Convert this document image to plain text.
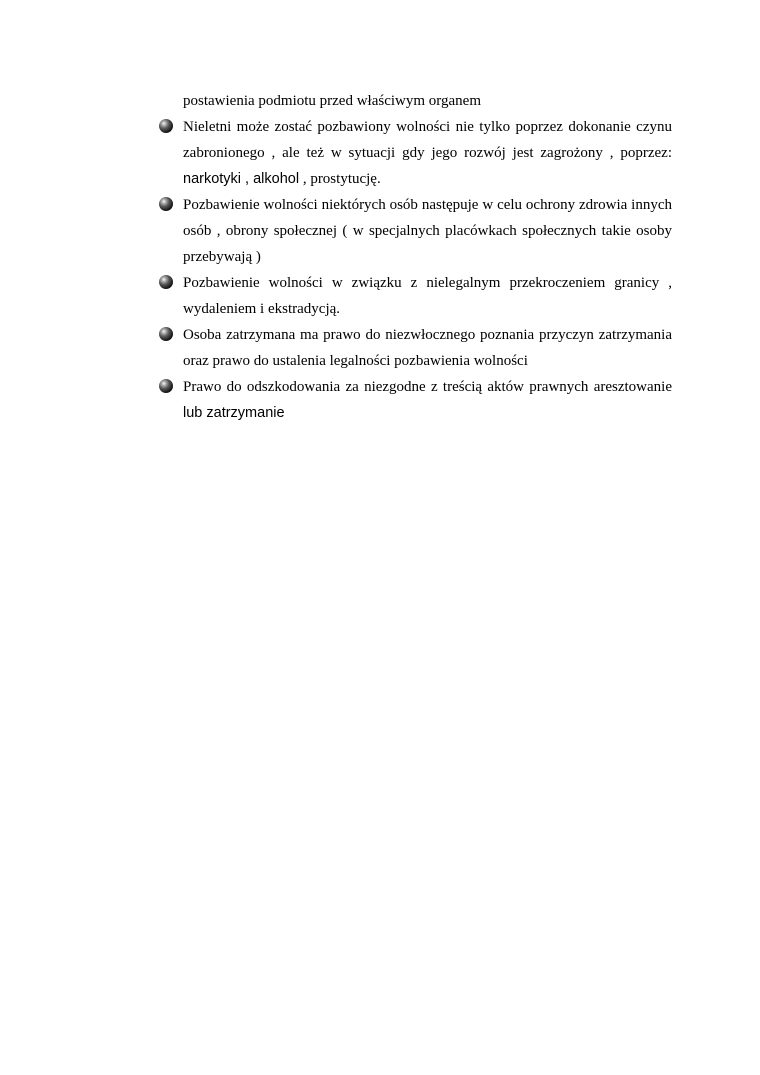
postawienia podmiotu przed właściwym organem

Nieletni może zostać pozbawiony wolności nie tylko poprzez dokonanie czynu zabronionego , ale też w sytuacji gdy jego rozwój jest zagrożony , poprzez: narkotyki , alkohol , prostytucję.
Pozbawienie wolności niektórych osób następuje w celu ochrony zdrowia innych osób , obrony społecznej ( w specjalnych placówkach społecznych takie osoby przebywają )
Pozbawienie wolności w związku z nielegalnym przekroczeniem granicy , wydaleniem i ekstradycją.
Osoba zatrzymana ma prawo do niezwłocznego poznania przyczyn zatrzymania oraz prawo do ustalenia legalności pozbawienia wolności
Prawo do odszkodowania za niezgodne z treścią aktów prawnych aresztowanie lub zatrzymanie
